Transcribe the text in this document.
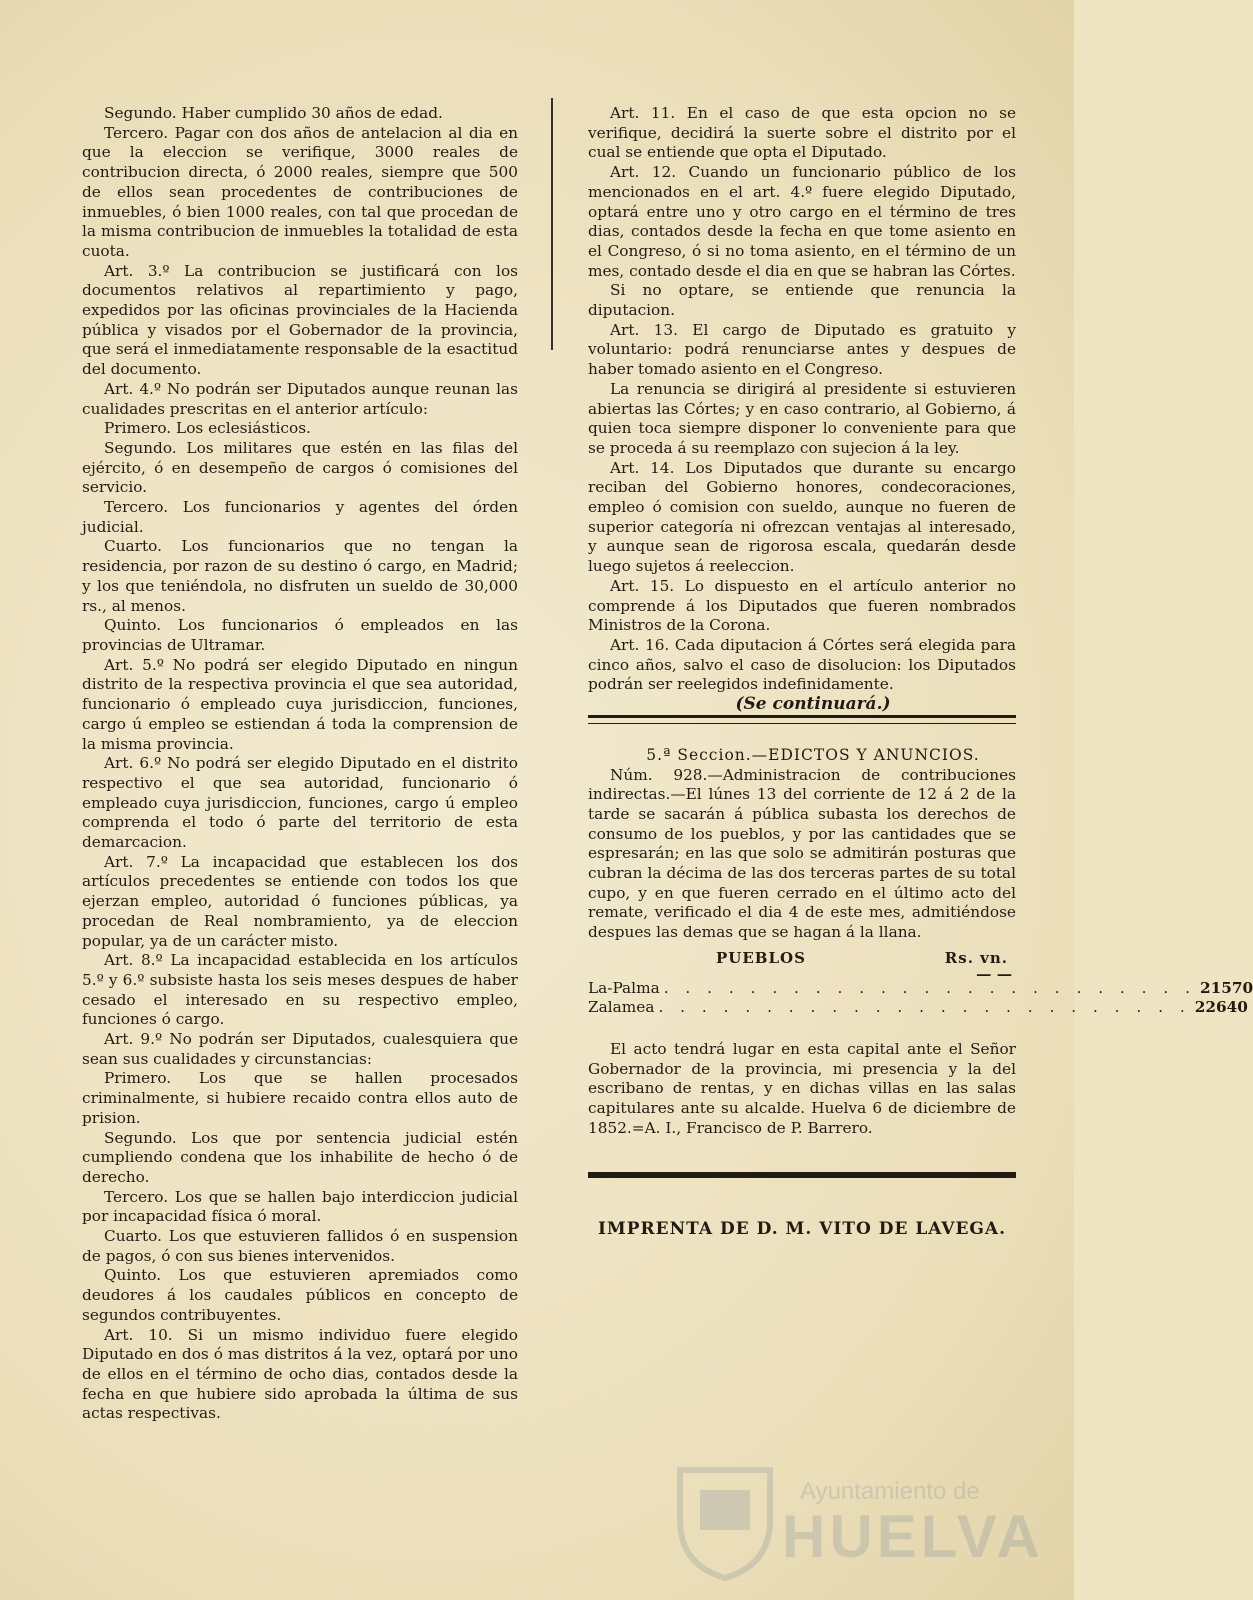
Segundo. Haber cumplido 30 años de edad.

Tercero. Pagar con dos años de antelacion al dia en que la eleccion se verifique, 3000 reales de contribucion directa, ó 2000 reales, siempre que 500 de ellos sean procedentes de contribuciones de inmuebles, ó bien 1000 reales, con tal que procedan de la misma contribucion de inmuebles la totalidad de esta cuota.

Art. 3.º La contribucion se justificará con los documentos relativos al repartimiento y pago, expedidos por las oficinas provinciales de la Hacienda pública y visados por el Gobernador de la provincia, que será el inmediatamente responsable de la esactitud del documento.

Art. 4.º No podrán ser Diputados aunque reunan las cualidades prescritas en el anterior artículo:

Primero. Los eclesiásticos.

Segundo. Los militares que estén en las filas del ejército, ó en desempeño de cargos ó comisiones del servicio.

Tercero. Los funcionarios y agentes del órden judicial.

Cuarto. Los funcionarios que no tengan la residencia, por razon de su destino ó cargo, en Madrid; y los que teniéndola, no disfruten un sueldo de 30,000 rs., al menos.

Quinto. Los funcionarios ó empleados en las provincias de Ultramar.

Art. 5.º No podrá ser elegido Diputado en ningun distrito de la respectiva provincia el que sea autoridad, funcionario ó empleado cuya jurisdiccion, funciones, cargo ú empleo se estiendan á toda la comprension de la misma provincia.

Art. 6.º No podrá ser elegido Diputado en el distrito respectivo el que sea autoridad, funcionario ó empleado cuya jurisdiccion, funciones, cargo ú empleo comprenda el todo ó parte del territorio de esta demarcacion.

Art. 7.º La incapacidad que establecen los dos artículos precedentes se entiende con todos los que ejerzan empleo, autoridad ó funciones públicas, ya procedan de Real nombramiento, ya de eleccion popular, ya de un carácter misto.

Art. 8.º La incapacidad establecida en los artículos 5.º y 6.º subsiste hasta los seis meses despues de haber cesado el interesado en su respectivo empleo, funciones ó cargo.

Art. 9.º No podrán ser Diputados, cualesquiera que sean sus cualidades y circunstancias:

Primero. Los que se hallen procesados criminalmente, si hubiere recaido contra ellos auto de prision.

Segundo. Los que por sentencia judicial estén cumpliendo condena que los inhabilite de hecho ó de derecho.

Tercero. Los que se hallen bajo interdiccion judicial por incapacidad física ó moral.

Cuarto. Los que estuvieren fallidos ó en suspension de pagos, ó con sus bienes intervenidos.

Quinto. Los que estuvieren apremiados como deudores á los caudales públicos en concepto de segundos contribuyentes.

Art. 10. Si un mismo individuo fuere elegido Diputado en dos ó mas distritos á la vez, optará por uno de ellos en el término de ocho dias, contados desde la fecha en que hubiere sido aprobada la última de sus actas respectivas.

Art. 11. En el caso de que esta opcion no se verifique, decidirá la suerte sobre el distrito por el cual se entiende que opta el Diputado.

Art. 12. Cuando un funcionario público de los mencionados en el art. 4.º fuere elegido Diputado, optará entre uno y otro cargo en el término de tres dias, contados desde la fecha en que tome asiento en el Congreso, ó si no toma asiento, en el término de un mes, contado desde el dia en que se habran las Córtes.

Si no optare, se entiende que renuncia la diputacion.

Art. 13. El cargo de Diputado es gratuito y voluntario: podrá renunciarse antes y despues de haber tomado asiento en el Congreso.

La renuncia se dirigirá al presidente si estuvieren abiertas las Córtes; y en caso contrario, al Gobierno, á quien toca siempre disponer lo conveniente para que se proceda á su reemplazo con sujecion á la ley.

Art. 14. Los Diputados que durante su encargo reciban del Gobierno honores, condecoraciones, empleo ó comision con sueldo, aunque no fueren de superior categoría ni ofrezcan ventajas al interesado, y aunque sean de rigorosa escala, quedarán desde luego sujetos á reeleccion.

Art. 15. Lo dispuesto en el artículo anterior no comprende á los Diputados que fueren nombrados Ministros de la Corona.

Art. 16. Cada diputacion á Córtes será elegida para cinco años, salvo el caso de disolucion: los Diputados podrán ser reelegidos indefinidamente.

(Se continuará.)

5.ª Seccion.—EDICTOS Y ANUNCIOS.

Núm. 928.—Administracion de contribuciones indirectas.—El lúnes 13 del corriente de 12 á 2 de la tarde se sacarán á pública subasta los derechos de consumo de los pueblos, y por las cantidades que se espresarán; en las que solo se admitirán posturas que cubran la décima de las dos terceras partes de su total cupo, y en que fueren cerrado en el último acto del remate, verificado el dia 4 de este mes, admitiéndose despues las demas que se hagan á la llana.

PUEBLOS	Rs. vn.
— —
La-Palma . . . . . . . . . . . . . . . . . . . . . . . . . 21570
Zalamea . . . . . . . . . . . . . . . . . . . . . . . . . 22640

El acto tendrá lugar en esta capital ante el Señor Gobernador de la provincia, mi presencia y la del escribano de rentas, y en dichas villas en las salas capitulares ante su alcalde. Huelva 6 de diciembre de 1852.=A. I., Francisco de P. Barrero.

IMPRENTA DE D. M. VITO DE LAVEGA.
Ayuntamiento de
HUELVA
